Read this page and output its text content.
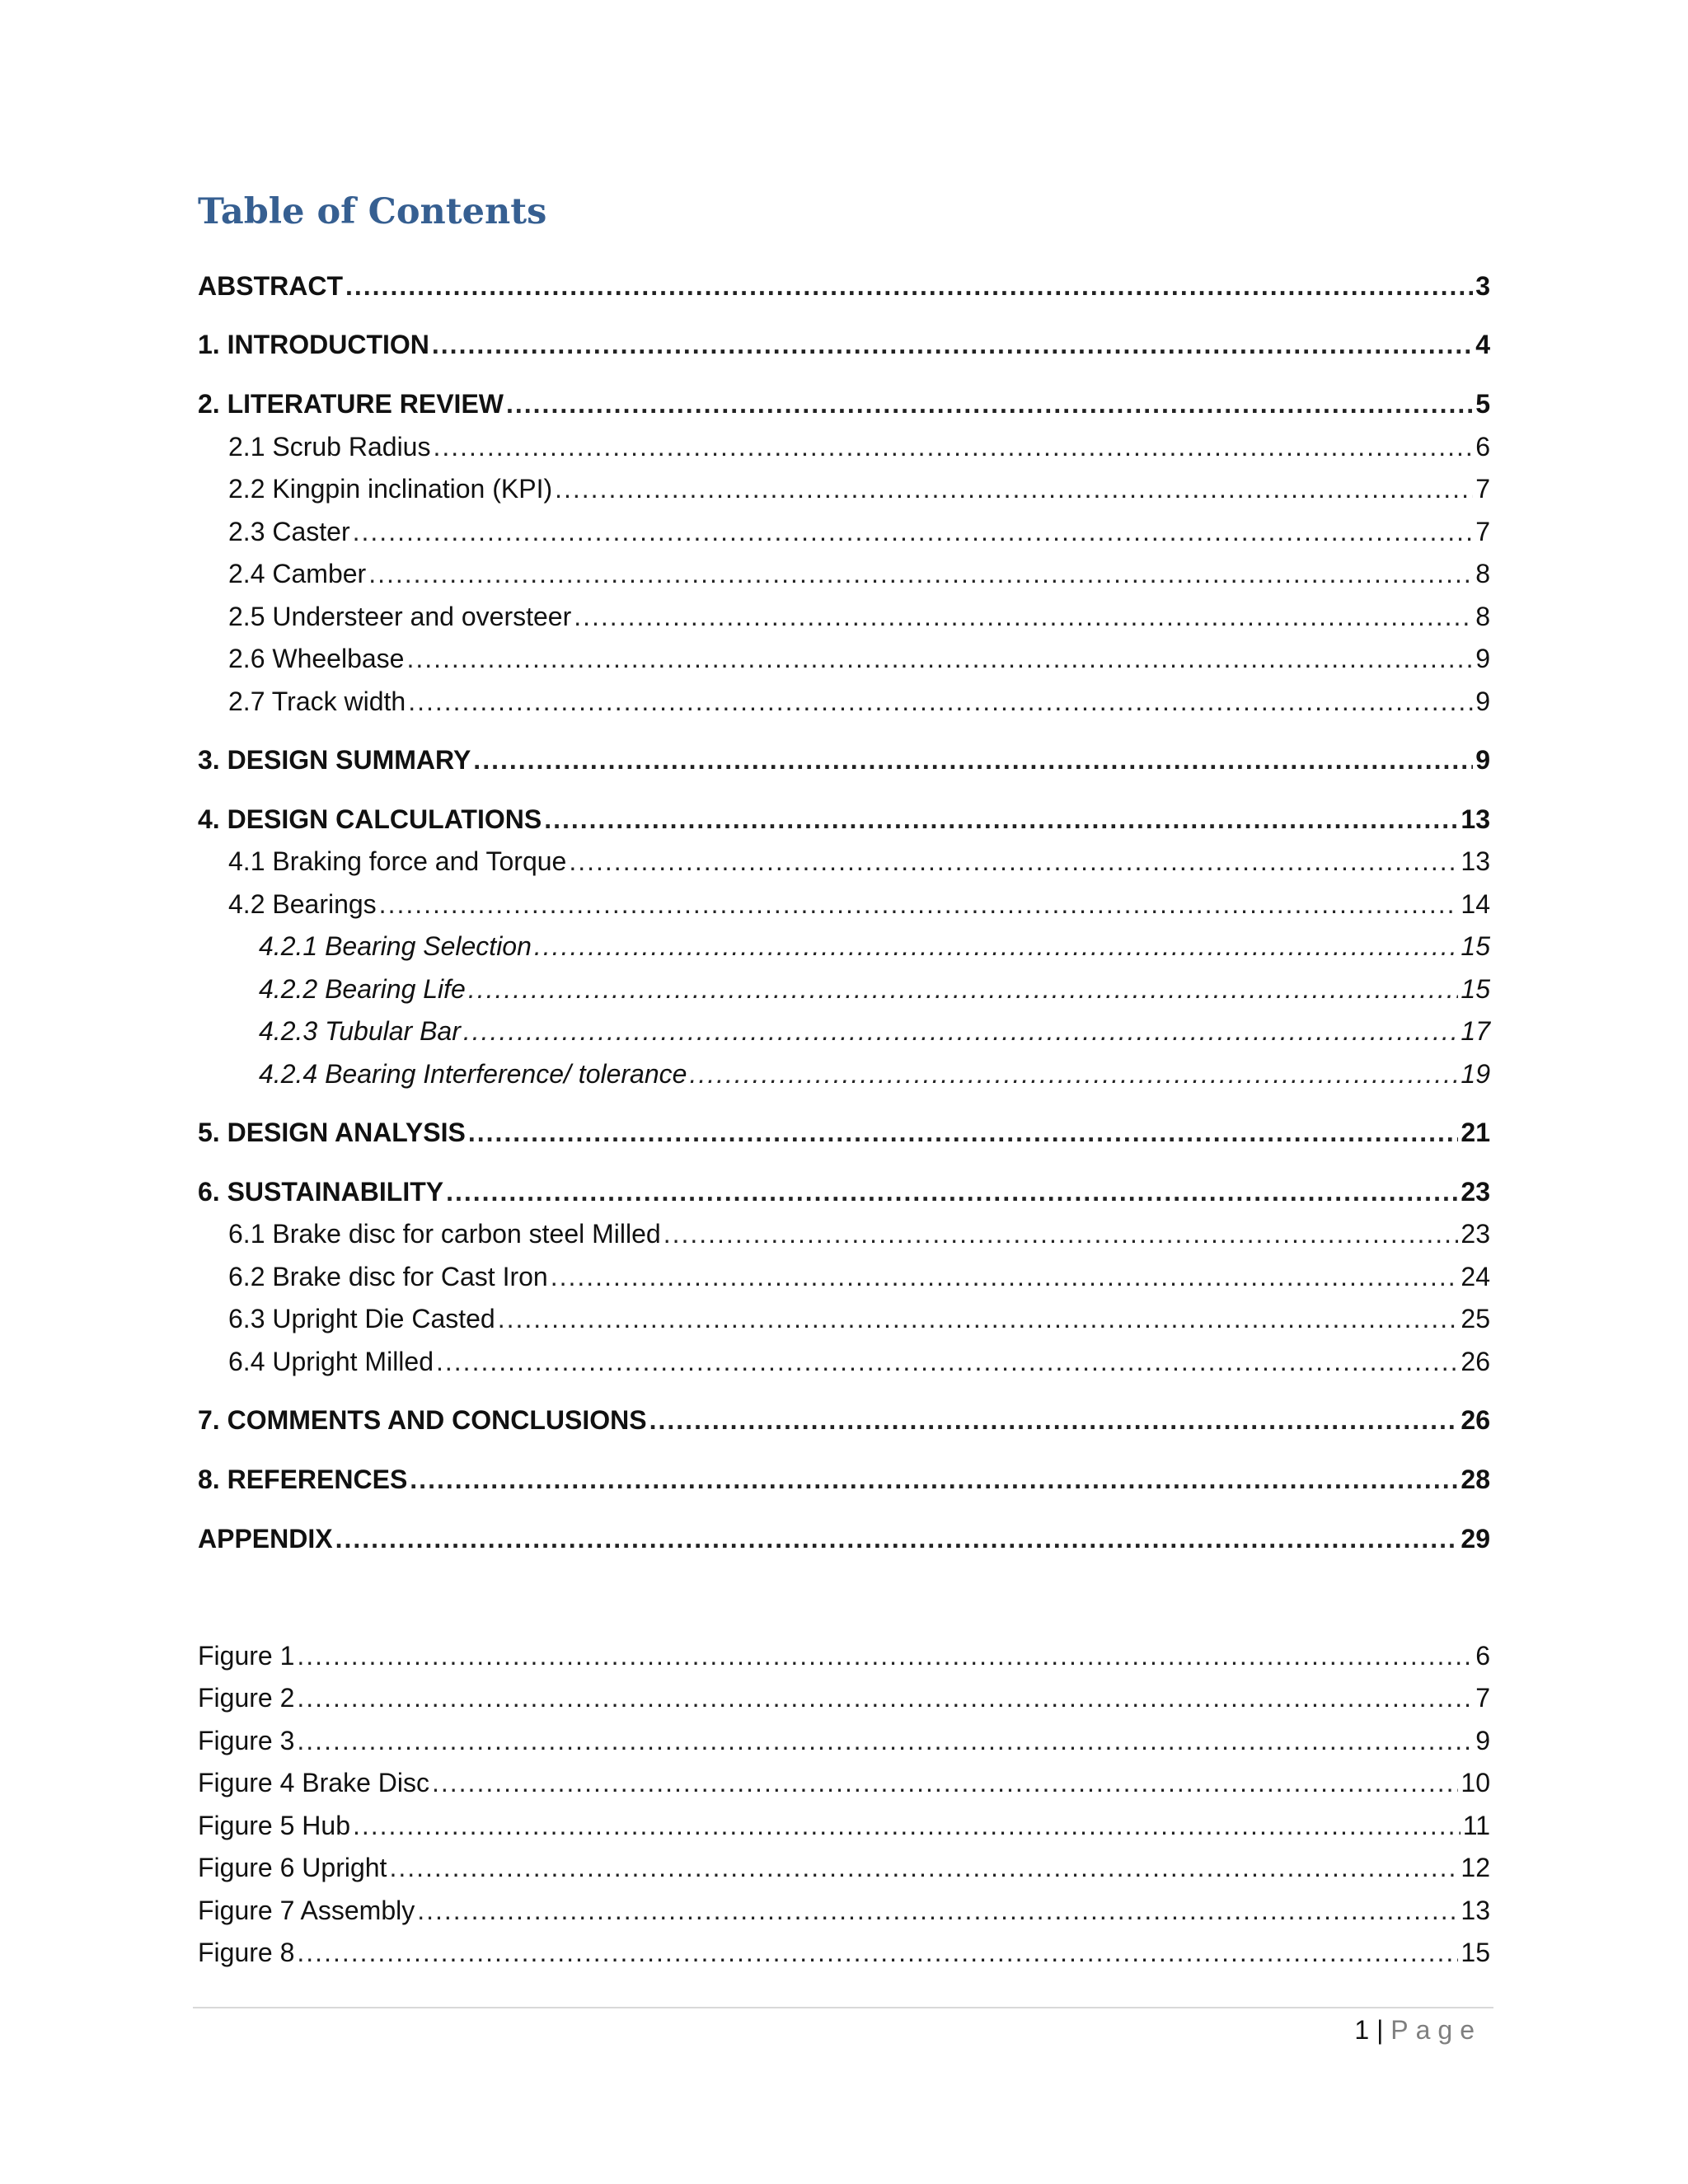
Table of Contents
ABSTRACT .....	3
1. INTRODUCTION .....	4
2. LITERATURE REVIEW .....	5
2.1 Scrub Radius .....	6
2.2 Kingpin inclination (KPI) .....	7
2.3 Caster .....	7
2.4 Camber .....	8
2.5 Understeer and oversteer .....	8
2.6 Wheelbase .....	9
2.7 Track width .....	9
3. DESIGN SUMMARY .....	9
4. DESIGN CALCULATIONS .....	13
4.1 Braking force and Torque .....	13
4.2 Bearings .....	14
4.2.1 Bearing Selection .....	15
4.2.2 Bearing Life .....	15
4.2.3 Tubular Bar .....	17
4.2.4 Bearing Interference/ tolerance .....	19
5. DESIGN ANALYSIS .....	21
6. SUSTAINABILITY .....	23
6.1 Brake disc for carbon steel Milled .....	23
6.2 Brake disc for Cast Iron .....	24
6.3 Upright Die Casted .....	25
6.4 Upright Milled .....	26
7. COMMENTS AND CONCLUSIONS .....	26
8. REFERENCES .....	28
APPENDIX .....	29
Figure 1 .....	6
Figure 2 .....	7
Figure 3 .....	9
Figure 4 Brake Disc .....	10
Figure 5 Hub .....	11
Figure 6 Upright .....	12
Figure 7 Assembly .....	13
Figure 8 .....	15
1 | Page
